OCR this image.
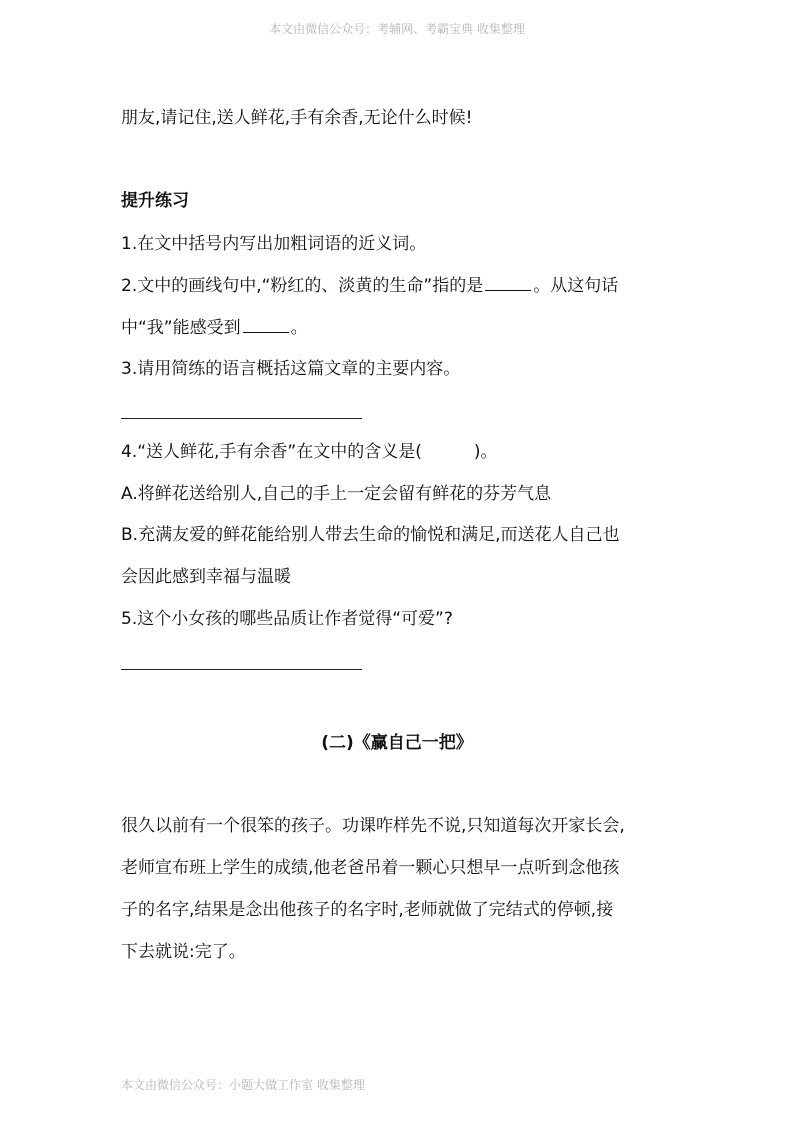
本文由微信公众号：考辅网、考霸宝典 收集整理
朋友,请记住,送人鲜花,手有余香,无论什么时候!
提升练习
1.在文中括号内写出加粗词语的近义词。
2.文中的画线句中,“粉红的、淡黄的生命”指的是	。从这句话
中“我”能感受到	。
3.请用简练的语言概括这篇文章的主要内容。
4.“送人鲜花,手有余香”在文中的含义是(	)。
A.将鲜花送给别人,自己的手上一定会留有鲜花的芬芳气息
B.充满友爱的鲜花能给别人带去生命的愉悦和满足,而送花人自己也
会因此感到幸福与温暖
5.这个小女孩的哪些品质让作者觉得“可爱”?
(二)《赢自己一把》
很久以前有一个很笨的孩子。功课咋样先不说,只知道每次开家长会,
老师宣布班上学生的成绩,他老爸吊着一颗心只想早一点听到念他孩
子的名字,结果是念出他孩子的名字时,老师就做了完结式的停顿,接
下去就说:完了。
本文由微信公众号：小题大做工作室 收集整理
